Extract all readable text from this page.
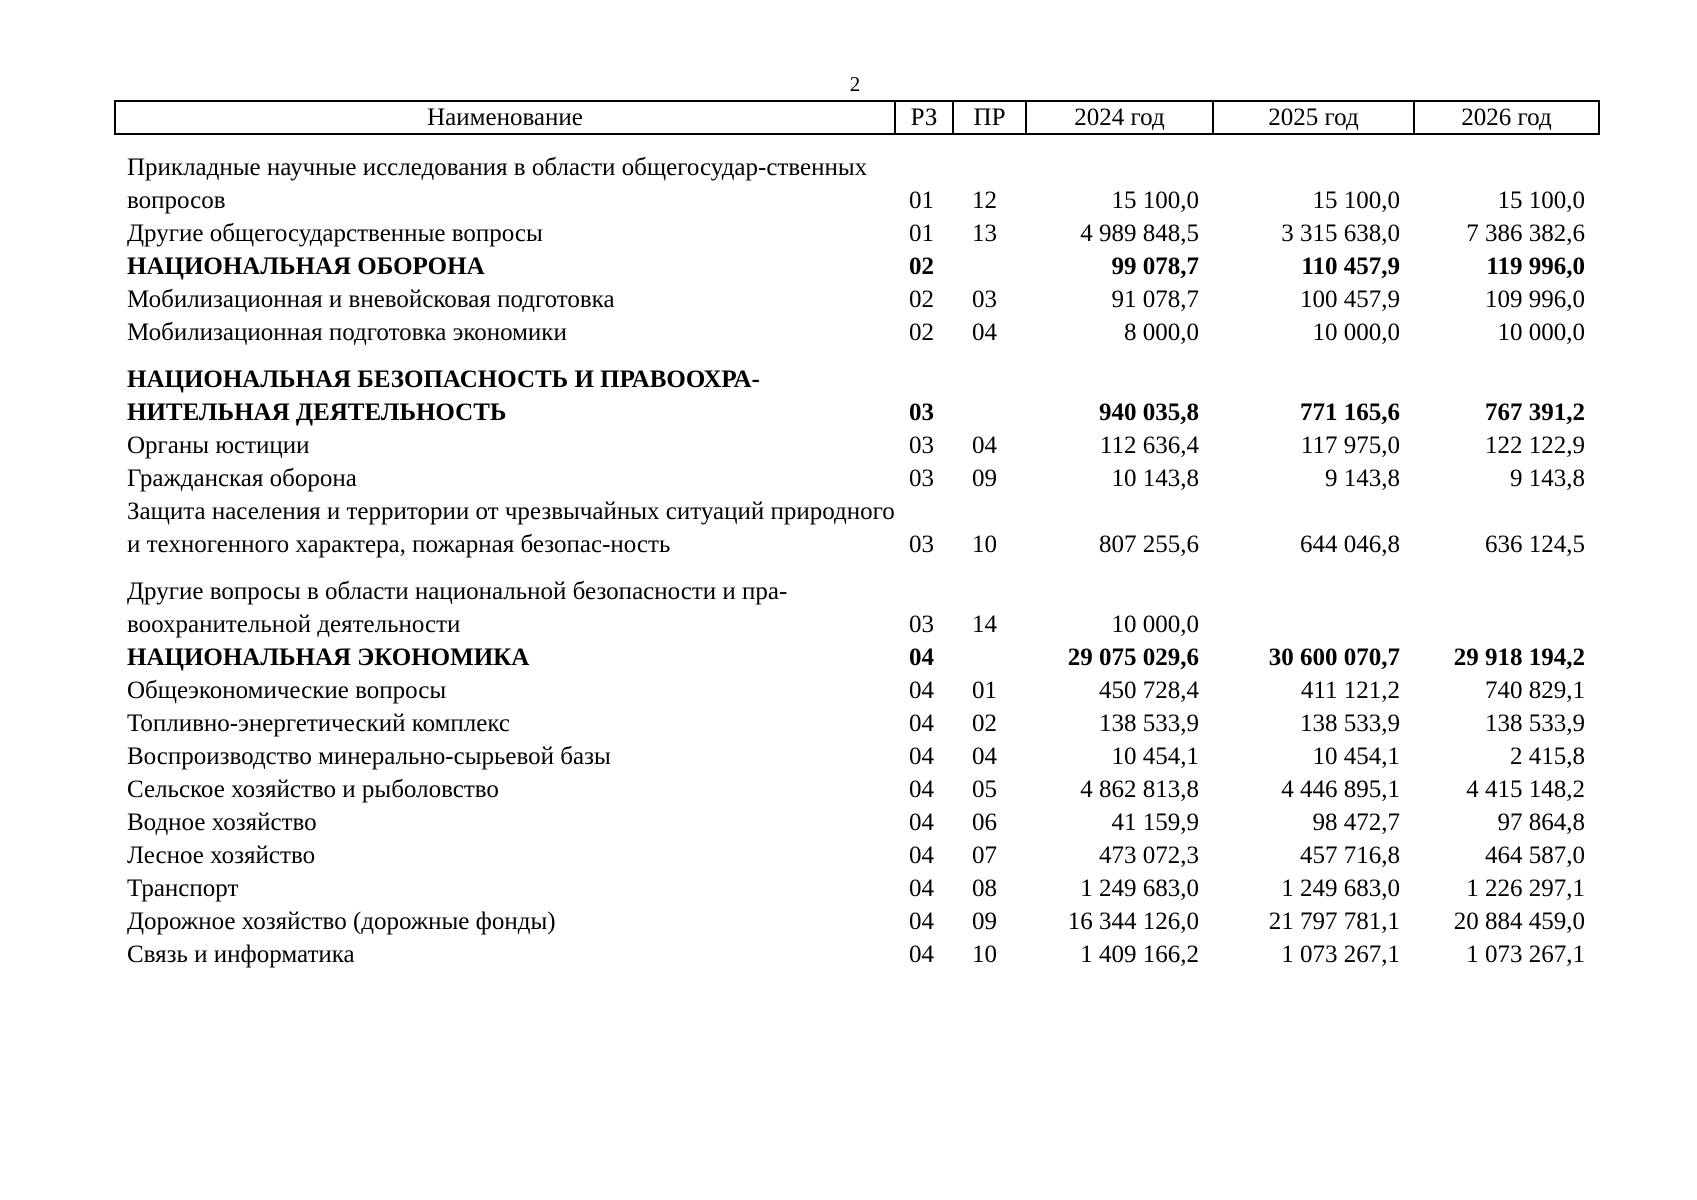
2
Наименование	РЗ	ПР	2024 год	2025 год	2026 год
Прикладные научные исследования в области общегосудар-ственных вопросов	01	12	15 100,0	15 100,0	15 100,0
Другие общегосударственные вопросы	01	13	4 989 848,5	3 315 638,0	7 386 382,6
НАЦИОНАЛЬНАЯ ОБОРОНА	02		99 078,7	110 457,9	119 996,0
Мобилизационная и вневойсковая подготовка	02	03	91 078,7	100 457,9	109 996,0
Мобилизационная подготовка экономики	02	04	8 000,0	10 000,0	10 000,0
НАЦИОНАЛЬНАЯ БЕЗОПАСНОСТЬ И ПРАВООХРА-НИТЕЛЬНАЯ ДЕЯТЕЛЬНОСТЬ	03		940 035,8	771 165,6	767 391,2
Органы юстиции	03	04	112 636,4	117 975,0	122 122,9
Гражданская оборона	03	09	10 143,8	9 143,8	9 143,8
Защита населения и территории от чрезвычайных ситуаций природного и техногенного характера, пожарная безопас-ность	03	10	807 255,6	644 046,8	636 124,5
Другие вопросы в области национальной безопасности и пра-воохранительной деятельности	03	14	10 000,0		
НАЦИОНАЛЬНАЯ ЭКОНОМИКА	04		29 075 029,6	30 600 070,7	29 918 194,2
Общеэкономические вопросы	04	01	450 728,4	411 121,2	740 829,1
Топливно-энергетический комплекс	04	02	138 533,9	138 533,9	138 533,9
Воспроизводство минерально-сырьевой базы	04	04	10 454,1	10 454,1	2 415,8
Сельское хозяйство и рыболовство	04	05	4 862 813,8	4 446 895,1	4 415 148,2
Водное хозяйство	04	06	41 159,9	98 472,7	97 864,8
Лесное хозяйство	04	07	473 072,3	457 716,8	464 587,0
Транспорт	04	08	1 249 683,0	1 249 683,0	1 226 297,1
Дорожное хозяйство (дорожные фонды)	04	09	16 344 126,0	21 797 781,1	20 884 459,0
Связь и информатика	04	10	1 409 166,2	1 073 267,1	1 073 267,1
